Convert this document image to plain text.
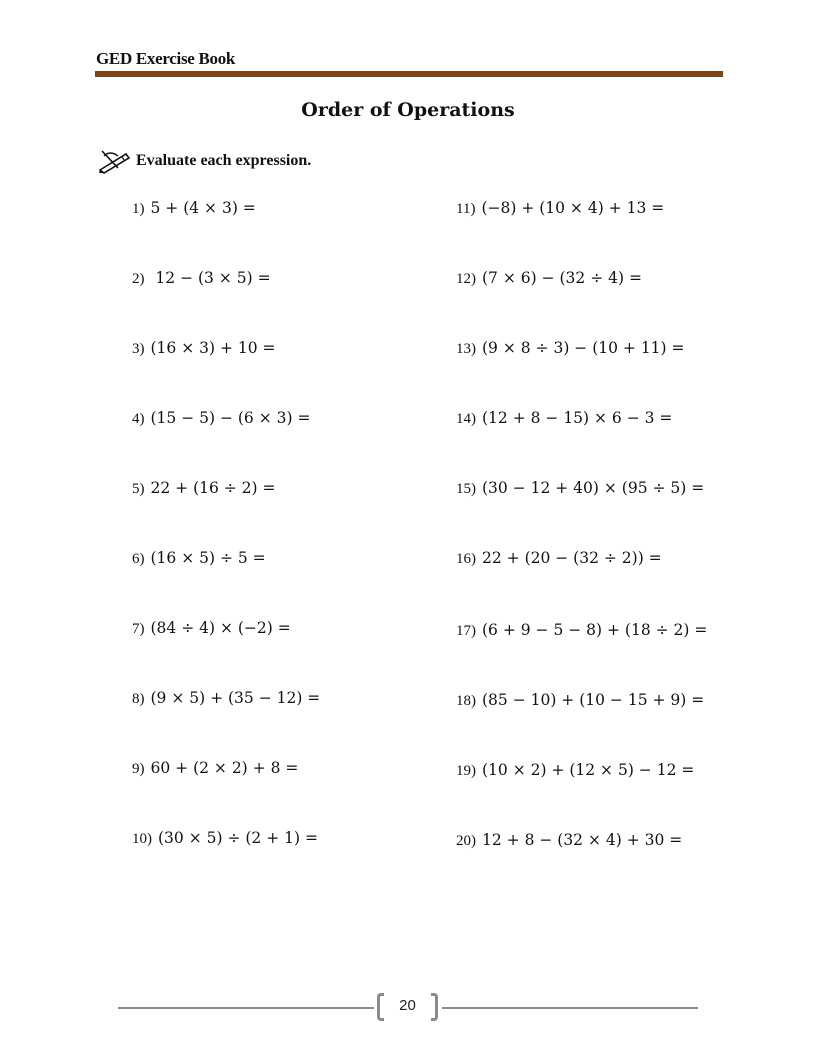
GED Exercise Book
Order of Operations
Evaluate each expression.
1) 5 + (4 × 3) =
2) 12 − (3 × 5) =
3) (16 × 3) + 10 =
4) (15 − 5) − (6 × 3) =
5) 22 + (16 ÷ 2) =
6) (16 × 5) ÷ 5 =
7) (84 ÷ 4) × (−2) =
8) (9 × 5) + (35 − 12) =
9) 60 + (2 × 2) + 8 =
10) (30 × 5) ÷ (2 + 1) =
11) (−8) + (10 × 4) + 13 =
12) (7 × 6) − (32 ÷ 4) =
13) (9 × 8 ÷ 3) − (10 + 11) =
14) (12 + 8 − 15) × 6 − 3 =
15) (30 − 12 + 40) × (95 ÷ 5) =
16) 22 + (20 − (32 ÷ 2)) =
17) (6 + 9 − 5 − 8) + (18 ÷ 2) =
18) (85 − 10) + (10 − 15 + 9) =
19) (10 × 2) + (12 × 5) − 12 =
20) 12 + 8 − (32 × 4) + 30 =
20
